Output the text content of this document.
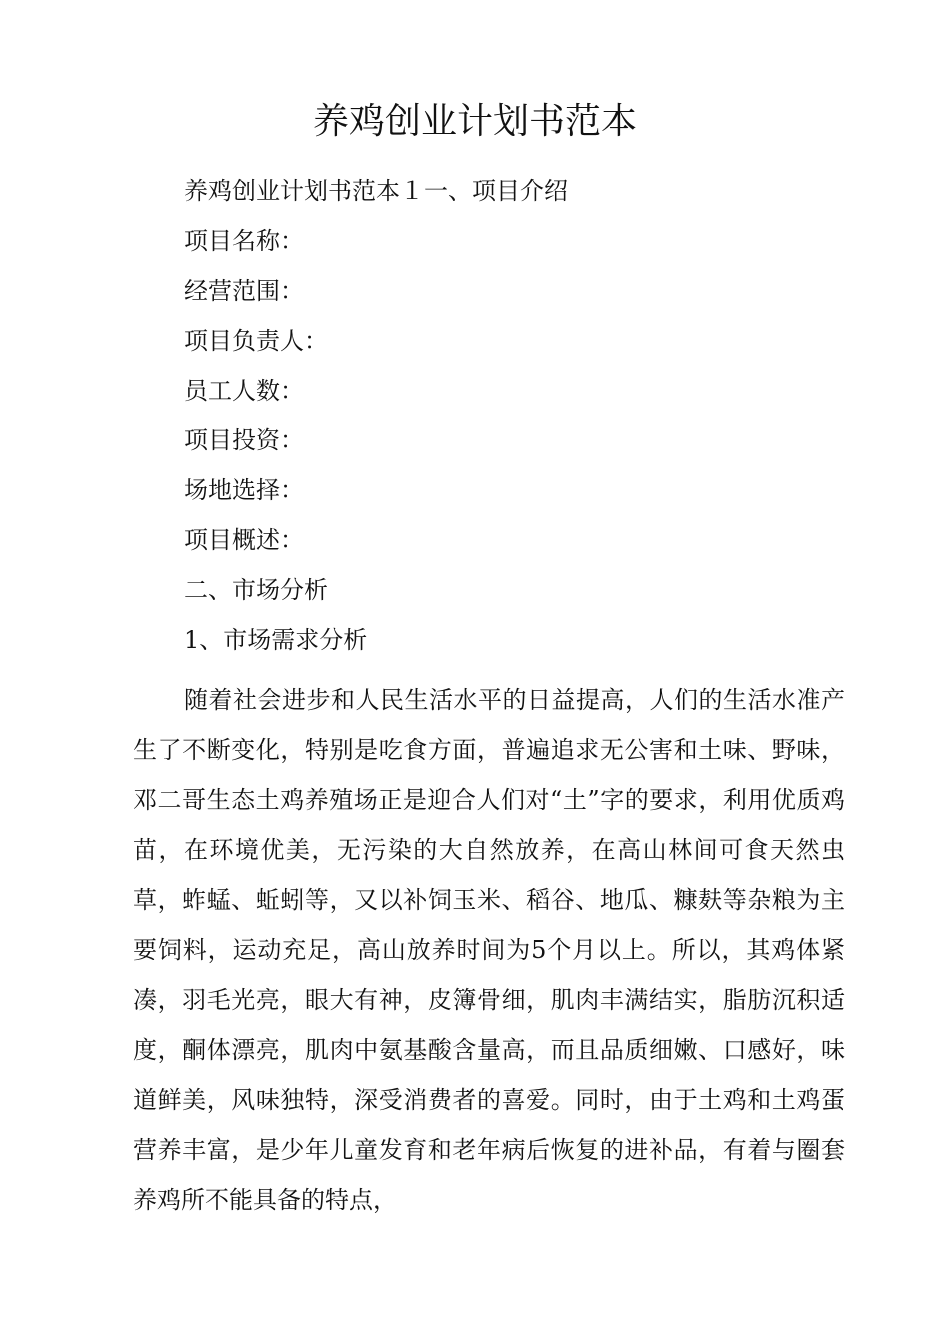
养鸡创业计划书范本

养鸡创业计划书范本１一、项目介绍

项目名称：

经营范围：

项目负责人：

员工人数：

项目投资：

场地选择：

项目概述：

二、市场分析

1、市场需求分析

随着社会进步和人民生活水平的日益提高，人们的生活水准产生了不断变化，特别是吃食方面，普遍追求无公害和土味、野味，邓二哥生态土鸡养殖场正是迎合人们对“土”字的要求，利用优质鸡苗，在环境优美，无污染的大自然放养，在高山林间可食天然虫草，蚱蜢、蚯蚓等，又以补饲玉米、稻谷、地瓜、糠麸等杂粮为主要饲料，运动充足，高山放养时间为5个月以上。所以，其鸡体紧凑，羽毛光亮，眼大有神，皮簿骨细，肌肉丰满结实，脂肪沉积适度，酮体漂亮，肌肉中氨基酸含量高，而且品质细嫩、口感好，味道鲜美，风味独特，深受消费者的喜爱。同时，由于土鸡和土鸡蛋营养丰富，是少年儿童发育和老年病后恢复的进补品，有着与圈套养鸡所不能具备的特点，
